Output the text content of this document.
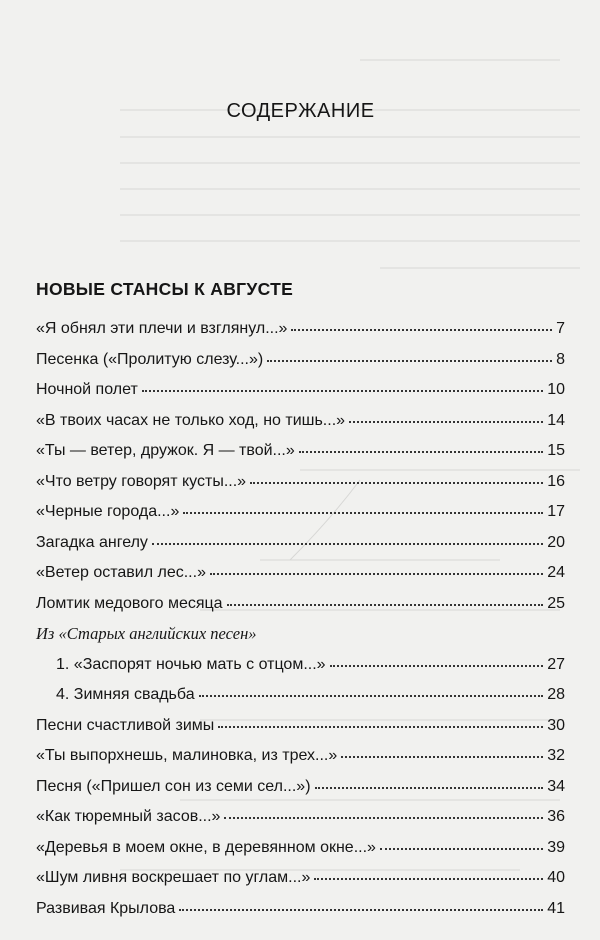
СОДЕРЖАНИЕ
НОВЫЕ СТАНСЫ К АВГУСТЕ
«Я обнял эти плечи и взглянул...»	7
Песенка («Пролитую слезу...»)	8
Ночной полет	10
«В твоих часах не только ход, но тишь...»	14
«Ты — ветер, дружок. Я — твой...»	15
«Что ветру говорят кусты...»	16
«Черные города...»	17
Загадка ангелу	20
«Ветер оставил лес...»	24
Ломтик медового месяца	25
Из «Старых английских песен»
1. «Заспорят ночью мать с отцом...»	27
4. Зимняя свадьба	28
Песни счастливой зимы	30
«Ты выпорхнешь, малиновка, из трех...»	32
Песня («Пришел сон из семи сел...»)	34
«Как тюремный засов...»	36
«Деревья в моем окне, в деревянном окне...»	39
«Шум ливня воскрешает по углам...»	40
Развивая Крылова	41
